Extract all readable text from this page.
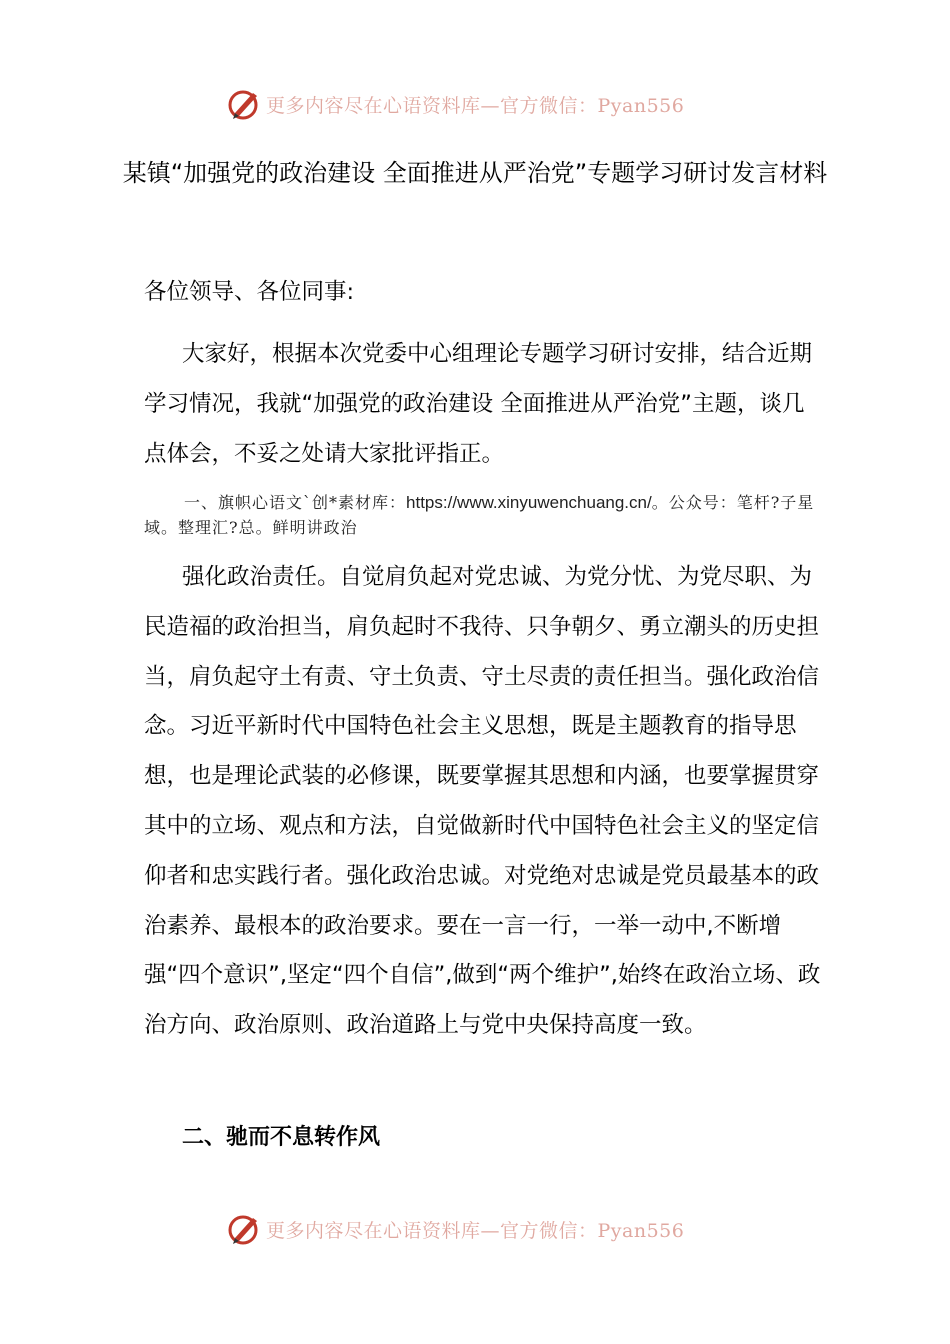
更多内容尽在心语资料库—官方微信：Pyan556
某镇“加强党的政治建设 全面推进从严治党”专题学习研讨发言材料
各位领导、各位同事:
大家好，根据本次党委中心组理论专题学习研讨安排，结合近期学习情况，我就“加强党的政治建设 全面推进从严治党”主题，谈几点体会，不妥之处请大家批评指正。
一、旗帜心语文`创*素材库：https://www.xinyuwenchuang.cn/。公众号：笔杆?子星域。整理汇?总。鲜明讲政治
强化政治责任。自觉肩负起对党忠诚、为党分忧、为党尽职、为民造福的政治担当，肩负起时不我待、只争朝夕、勇立潮头的历史担当，肩负起守土有责、守土负责、守土尽责的责任担当。强化政治信念。习近平新时代中国特色社会主义思想，既是主题教育的指导思想，也是理论武装的必修课，既要掌握其思想和内涵，也要掌握贯穿其中的立场、观点和方法，自觉做新时代中国特色社会主义的坚定信仰者和忠实践行者。强化政治忠诚。对党绝对忠诚是党员最基本的政治素养、最根本的政治要求。要在一言一行，一举一动中,不断增强“四个意识”,坚定“四个自信”,做到“两个维护”,始终在政治立场、政治方向、政治原则、政治道路上与党中央保持高度一致。
二、驰而不息转作风
更多内容尽在心语资料库—官方微信：Pyan556
